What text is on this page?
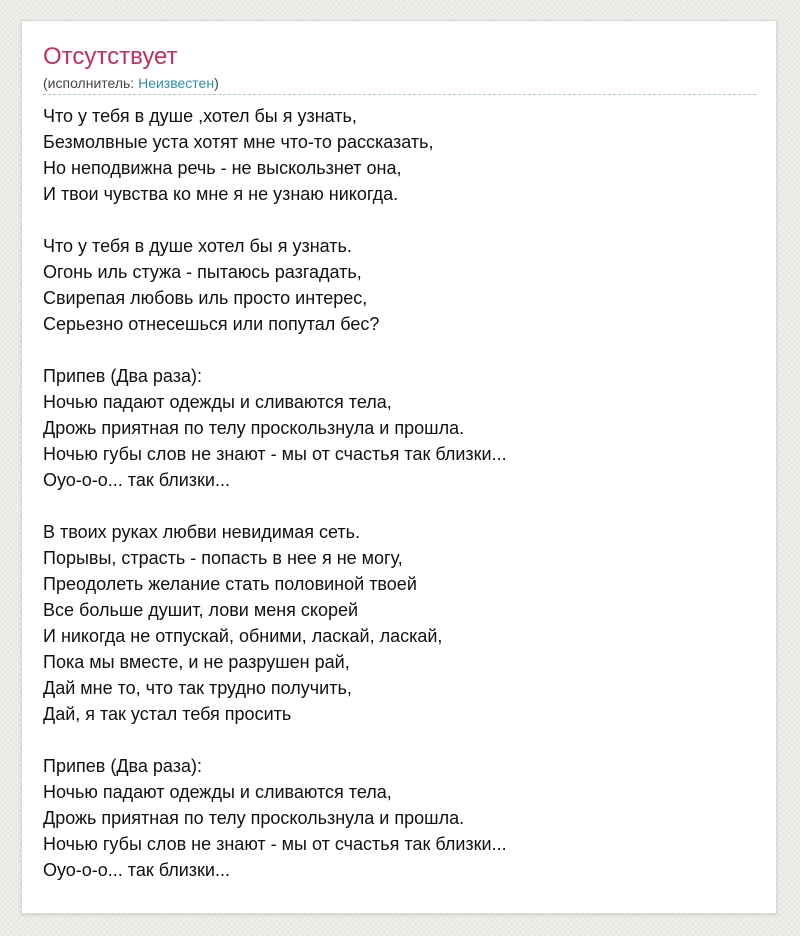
Отсутствует
(исполнитель: Неизвестен)
Что у тебя в душе ,хотел бы я узнать,
Безмолвные уста хотят мне что-то рассказать,
Но неподвижна речь - не выскользнет она,
И твои чувства ко мне я не узнаю никогда.
Что у тебя в душе хотел бы я узнать.
Огонь иль стужа - пытаюсь разгадать,
Свирепая любовь иль просто интерес,
Серьезно отнесешься или попутал бес?
Припев (Два раза):
Ночью падают одежды и сливаются тела,
Дрожь приятная по телу проскользнула и прошла.
Ночью губы слов не знают - мы от счастья так близки...
Оуо-о-о... так близки...
В твоих руках любви невидимая сеть.
Порывы, страсть - попасть в нее я не могу,
Преодолеть желание стать половиной твоей
Все больше душит, лови меня скорей
И никогда не отпускай, обними, ласкай, ласкай,
Пока мы вместе, и не разрушен рай,
Дай мне то, что так трудно получить,
Дай, я так устал тебя просить
Припев (Два раза):
Ночью падают одежды и сливаются тела,
Дрожь приятная по телу проскользнула и прошла.
Ночью губы слов не знают - мы от счастья так близки...
Оуо-о-о... так близки...
